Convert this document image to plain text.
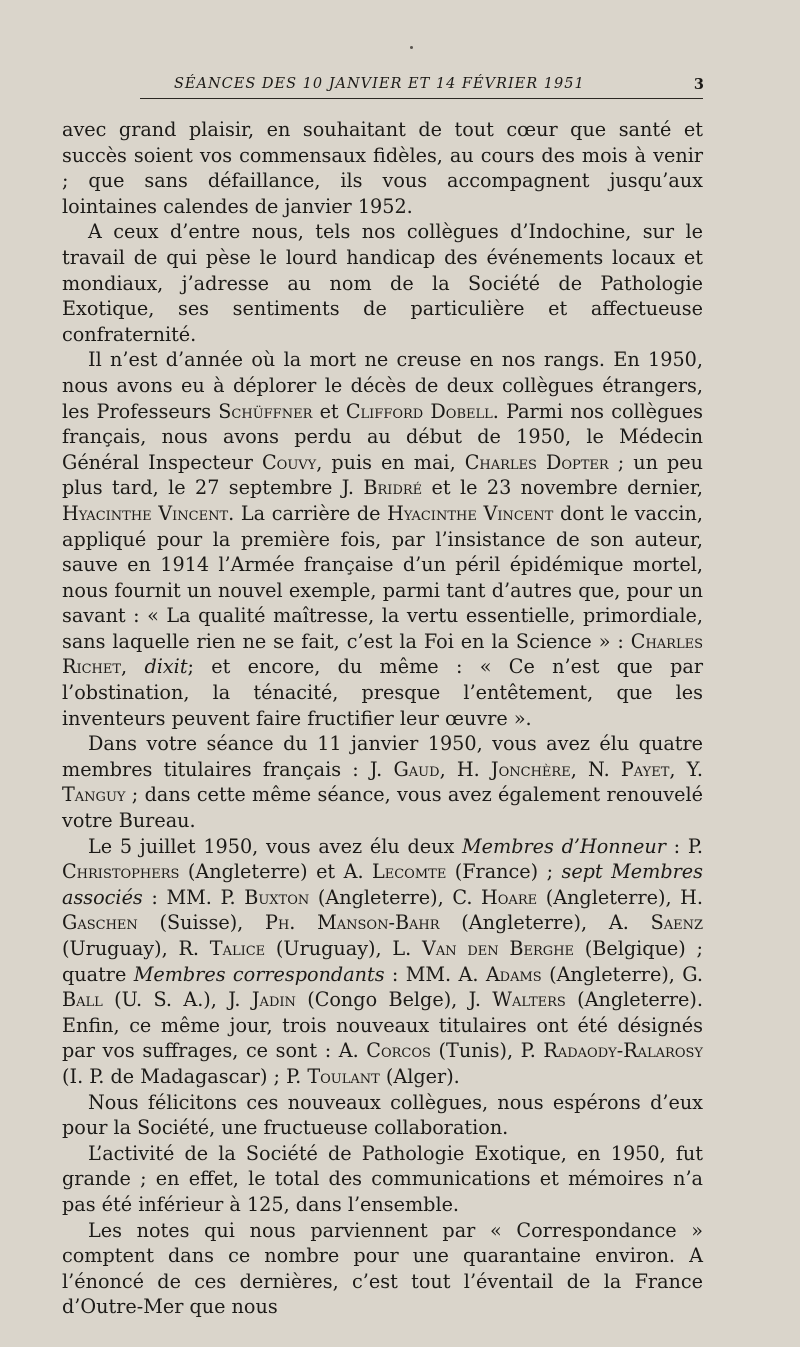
SÉANCES DES 10 JANVIER ET 14 FÉVRIER 1951	3

avec grand plaisir, en souhaitant de tout cœur que santé et succès soient vos commensaux fidèles, au cours des mois à venir ; que sans défaillance, ils vous accompagnent jusqu’aux lointaines calendes de janvier 1952.

A ceux d’entre nous, tels nos collègues d’Indochine, sur le travail de qui pèse le lourd handicap des événements locaux et mondiaux, j’adresse au nom de la Société de Pathologie Exotique, ses sentiments de particulière et affectueuse confraternité.

Il n’est d’année où la mort ne creuse en nos rangs. En 1950, nous avons eu à déplorer le décès de deux collègues étrangers, les Professeurs Schüffner et Clifford Dobell. Parmi nos collègues français, nous avons perdu au début de 1950, le Médecin Général Inspecteur Couvy, puis en mai, Charles Dopter ; un peu plus tard, le 27 septembre J. Bridré et le 23 novembre dernier, Hyacinthe Vincent. La carrière de Hyacinthe Vincent dont le vaccin, appliqué pour la première fois, par l’insistance de son auteur, sauve en 1914 l’Armée française d’un péril épidémique mortel, nous fournit un nouvel exemple, parmi tant d’autres que, pour un savant : « La qualité maîtresse, la vertu essentielle, primordiale, sans laquelle rien ne se fait, c’est la Foi en la Science » : Charles Richet, dixit; et encore, du même : « Ce n’est que par l’obstination, la ténacité, presque l’entêtement, que les inventeurs peuvent faire fructifier leur œuvre ».

Dans votre séance du 11 janvier 1950, vous avez élu quatre membres titulaires français : J. Gaud, H. Jonchère, N. Payet, Y. Tanguy ; dans cette même séance, vous avez également renouvelé votre Bureau.

Le 5 juillet 1950, vous avez élu deux Membres d’Honneur : P. Christophers (Angleterre) et A. Lecomte (France) ; sept Membres associés : MM. P. Buxton (Angleterre), C. Hoare (Angleterre), H. Gaschen (Suisse), Ph. Manson-Bahr (Angleterre), A. Saenz (Uruguay), R. Talice (Uruguay), L. Van den Berghe (Belgique) ; quatre Membres correspondants : MM. A. Adams (Angleterre), G. Ball (U. S. A.), J. Jadin (Congo Belge), J. Walters (Angleterre). Enfin, ce même jour, trois nouveaux titulaires ont été désignés par vos suffrages, ce sont : A. Corcos (Tunis), P. Radaody-Ralarosy (I. P. de Madagascar) ; P. Toulant (Alger).

Nous félicitons ces nouveaux collègues, nous espérons d’eux pour la Société, une fructueuse collaboration.

L’activité de la Société de Pathologie Exotique, en 1950, fut grande ; en effet, le total des communications et mémoires n’a pas été inférieur à 125, dans l’ensemble.

Les notes qui nous parviennent par « Correspondance » comptent dans ce nombre pour une quarantaine environ. A l’énoncé de ces dernières, c’est tout l’éventail de la France d’Outre-Mer que nous
